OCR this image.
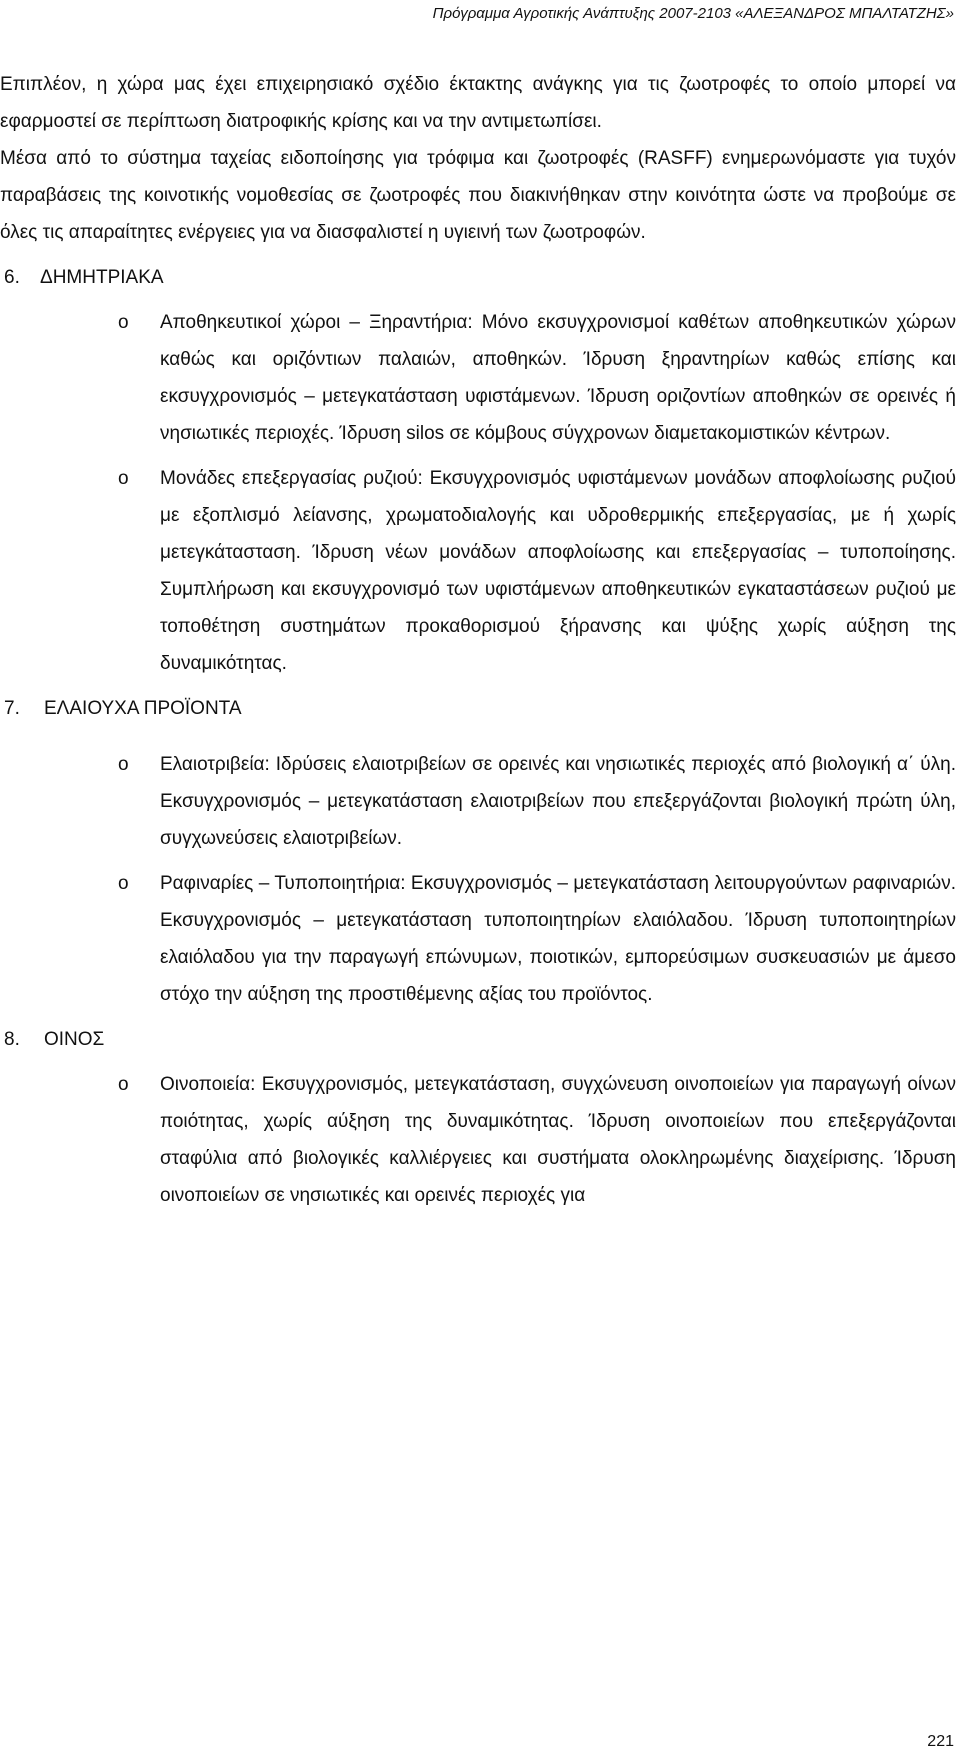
Πρόγραμμα Αγροτικής Ανάπτυξης 2007-2103 «ΑΛΕΞΑΝΔΡΟΣ ΜΠΑΛΤΑΤΖΗΣ»

Επιπλέον, η χώρα μας έχει επιχειρησιακό σχέδιο έκτακτης ανάγκης για τις ζωοτροφές το οποίο μπορεί να εφαρμοστεί σε περίπτωση διατροφικής κρίσης και να την αντιμετωπίσει.

Μέσα από το σύστημα ταχείας ειδοποίησης για τρόφιμα και ζωοτροφές (RASFF) ενημερωνόμαστε για τυχόν παραβάσεις της κοινοτικής νομοθεσίας σε ζωοτροφές που διακινήθηκαν στην κοινότητα ώστε να προβούμε σε όλες τις απαραίτητες ενέργειες για να διασφαλιστεί η υγιεινή των ζωοτροφών.

6. ΔΗΜΗΤΡΙΑΚΑ
o	Αποθηκευτικοί χώροι – Ξηραντήρια: Μόνο εκσυγχρονισμοί καθέτων αποθηκευτικών χώρων καθώς και οριζόντιων παλαιών, αποθηκών. Ίδρυση ξηραντηρίων καθώς επίσης και εκσυγχρονισμός – μετεγκατάσταση υφιστάμενων. Ίδρυση οριζοντίων αποθηκών σε ορεινές ή νησιωτικές περιοχές. Ίδρυση silos σε κόμβους σύγχρονων διαμετακομιστικών κέντρων.
o	Μονάδες επεξεργασίας ρυζιού: Εκσυγχρονισμός υφιστάμενων μονάδων αποφλοίωσης ρυζιού με εξοπλισμό λείανσης, χρωματοδιαλογής και υδροθερμικής επεξεργασίας, με ή χωρίς μετεγκάτασταση. Ίδρυση νέων μονάδων αποφλοίωσης και επεξεργασίας – τυποποίησης. Συμπλήρωση και εκσυγχρονισμό των υφιστάμενων αποθηκευτικών εγκαταστάσεων ρυζιού με τοποθέτηση συστημάτων προκαθορισμού ξήρανσης και ψύξης χωρίς αύξηση της δυναμικότητας.
7. ΕΛΑΙΟΥΧΑ ΠΡΟΪΟΝΤΑ
o	Ελαιοτριβεία: Ιδρύσεις ελαιοτριβείων σε ορεινές και νησιωτικές περιοχές από βιολογική α΄ ύλη. Εκσυγχρονισμός – μετεγκατάσταση ελαιοτριβείων που επεξεργάζονται βιολογική πρώτη ύλη, συγχωνεύσεις ελαιοτριβείων.
o	Ραφιναρίες – Τυποποιητήρια: Εκσυγχρονισμός – μετεγκατάσταση λειτουργούντων ραφιναριών. Εκσυγχρονισμός – μετεγκατάσταση τυποποιητηρίων ελαιόλαδου. Ίδρυση τυποποιητηρίων ελαιόλαδου για την παραγωγή επώνυμων, ποιοτικών, εμπορεύσιμων συσκευασιών με άμεσο στόχο την αύξηση της προστιθέμενης αξίας του προϊόντος.
8. ΟΙΝΟΣ
o	Οινοποιεία: Εκσυγχρονισμός, μετεγκατάσταση, συγχώνευση οινοποιείων για παραγωγή οίνων ποιότητας, χωρίς αύξηση της δυναμικότητας. Ίδρυση οινοποιείων που επεξεργάζονται σταφύλια από βιολογικές καλλιέργειες και συστήματα ολοκληρωμένης διαχείρισης. Ίδρυση οινοποιείων σε νησιωτικές και ορεινές περιοχές για
221
